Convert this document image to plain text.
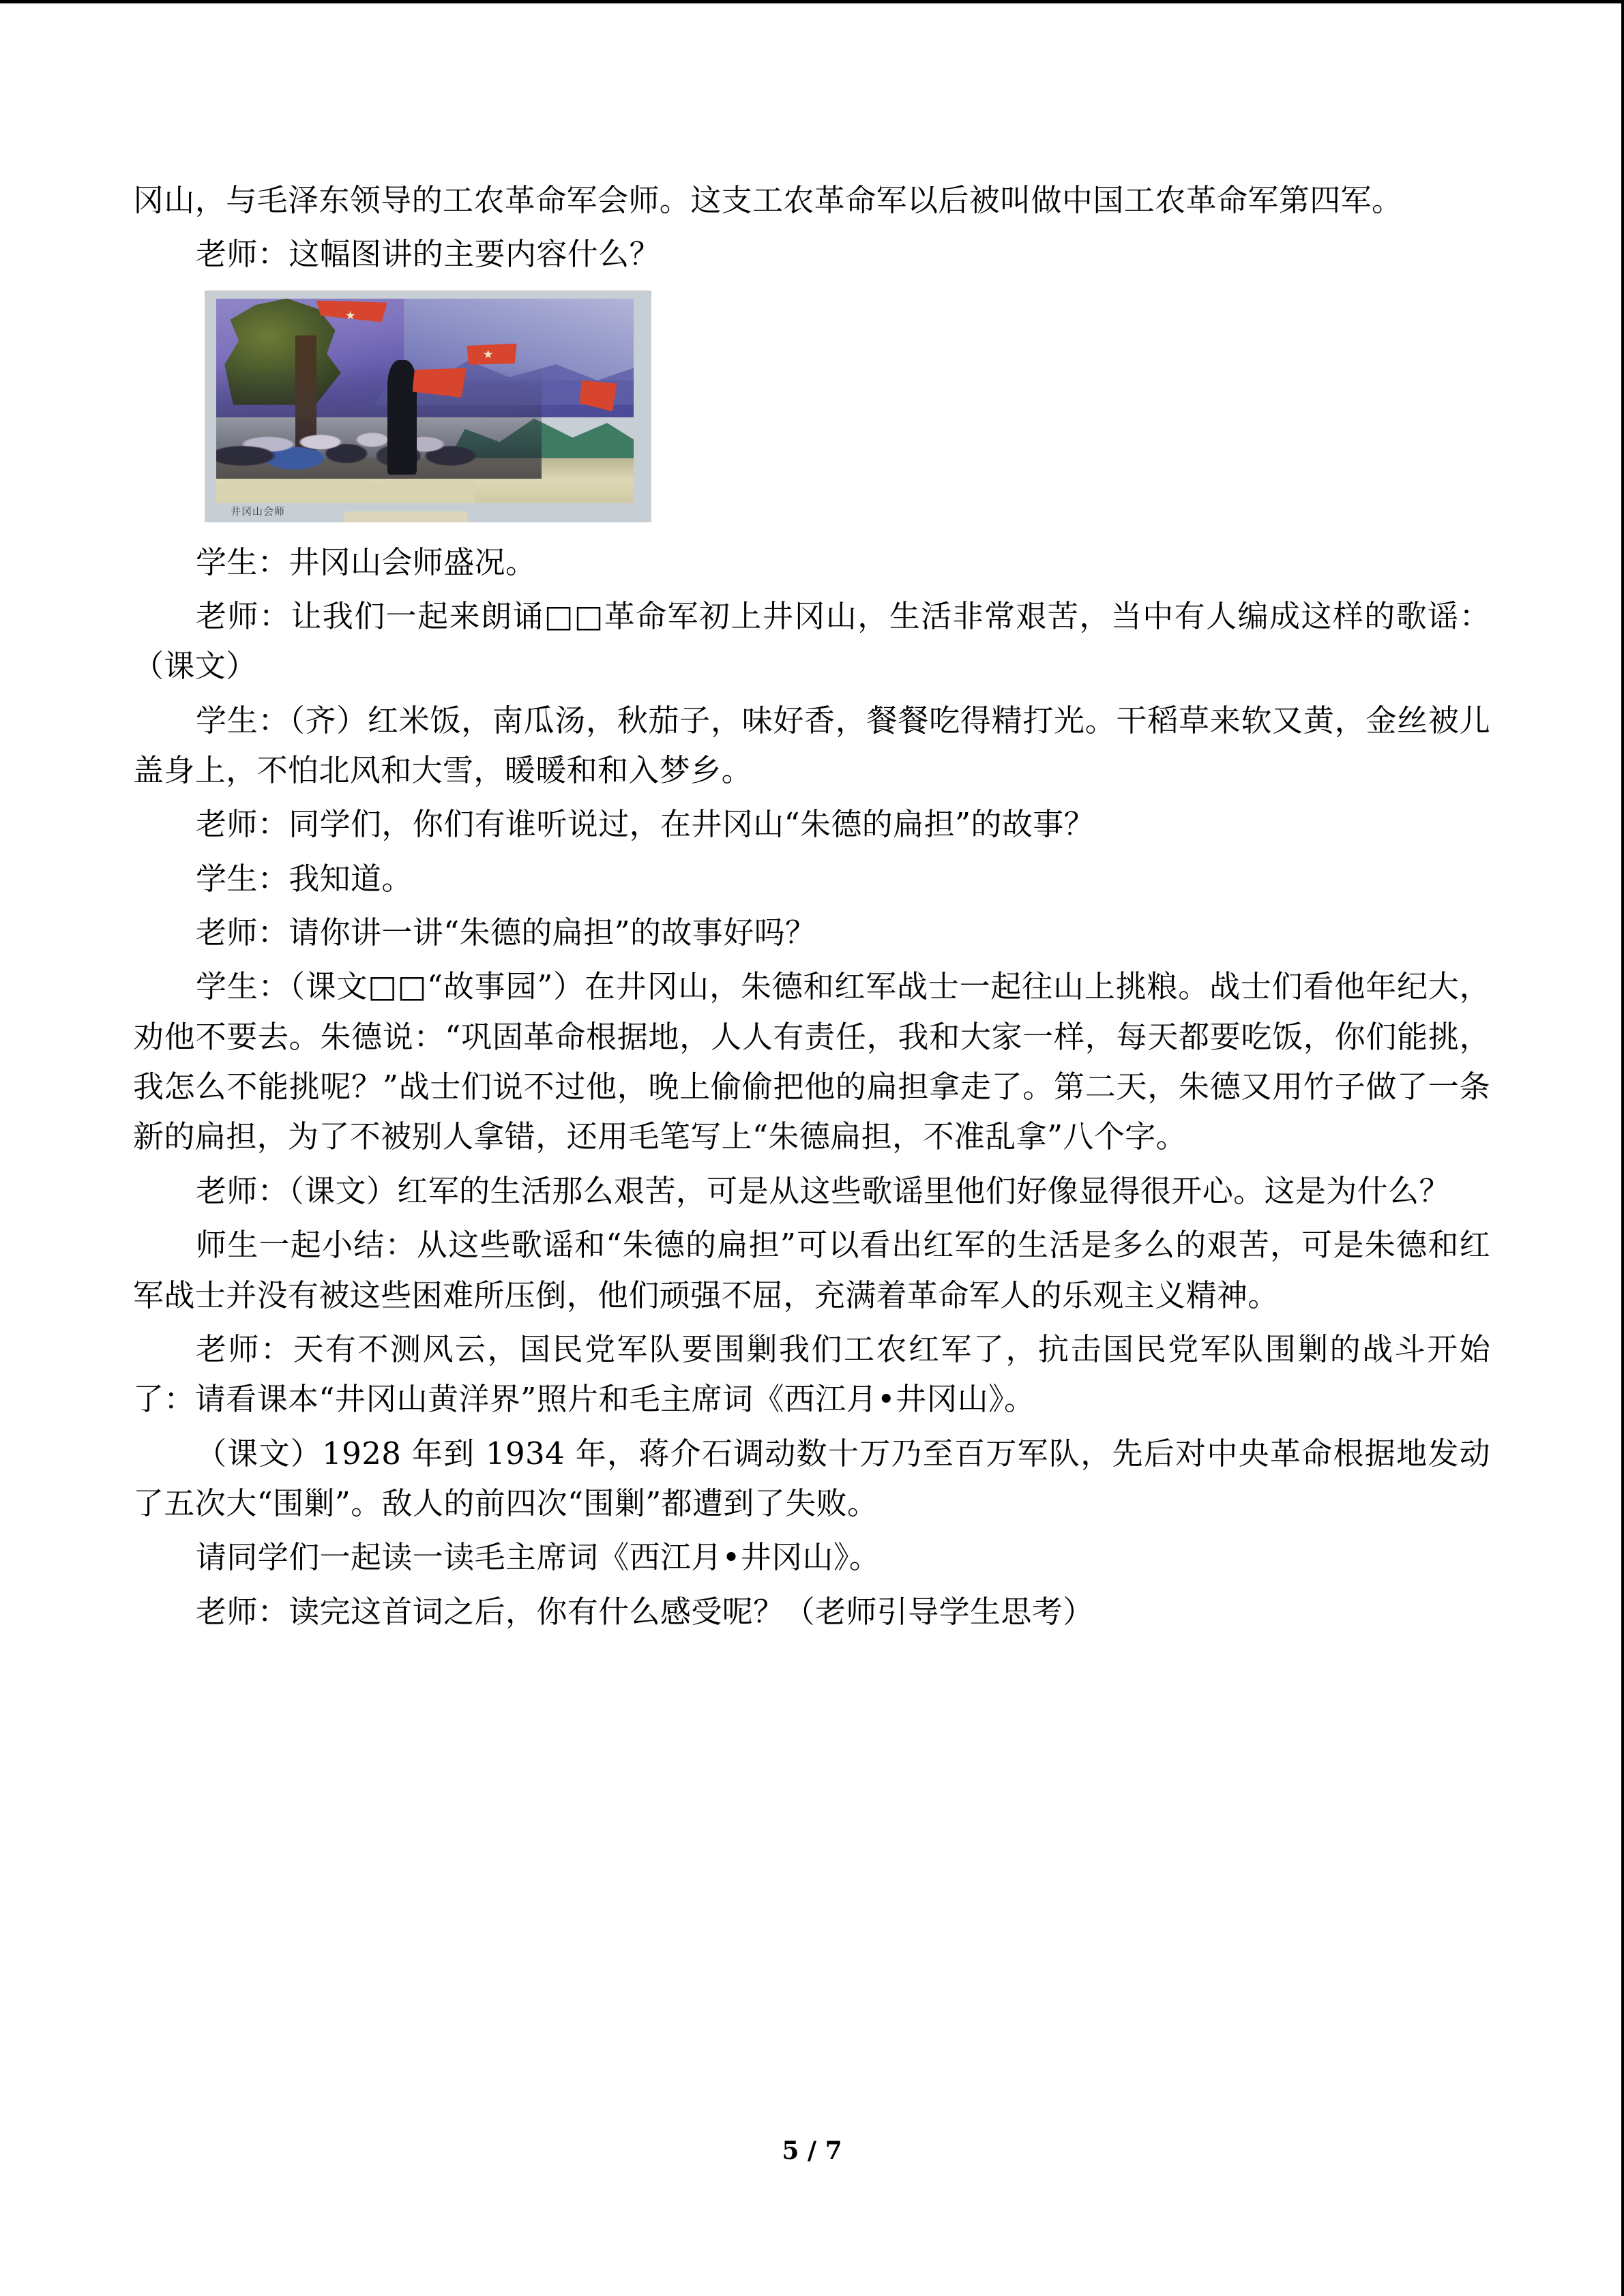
冈山，与毛泽东领导的工农革命军会师。这支工农革命军以后被叫做中国工农革命军第四军。

老师：这幅图讲的主要内容什么？

井冈山会师

学生：井冈山会师盛况。

老师：让我们一起来朗诵□□革命军初上井冈山，生活非常艰苦，当中有人编成这样的歌谣：（课文）

学生：（齐）红米饭，南瓜汤，秋茄子，味好香，餐餐吃得精打光。干稻草来软又黄，金丝被儿盖身上，不怕北风和大雪，暖暖和和入梦乡。

老师：同学们，你们有谁听说过，在井冈山“朱德的扁担”的故事？

学生：我知道。

老师：请你讲一讲“朱德的扁担”的故事好吗？

学生：（课文□□“故事园”）在井冈山，朱德和红军战士一起往山上挑粮。战士们看他年纪大，劝他不要去。朱德说：“巩固革命根据地，人人有责任，我和大家一样，每天都要吃饭，你们能挑，我怎么不能挑呢？”战士们说不过他，晚上偷偷把他的扁担拿走了。第二天，朱德又用竹子做了一条新的扁担，为了不被别人拿错，还用毛笔写上“朱德扁担，不准乱拿”八个字。

老师：（课文）红军的生活那么艰苦，可是从这些歌谣里他们好像显得很开心。这是为什么？

师生一起小结：从这些歌谣和“朱德的扁担”可以看出红军的生活是多么的艰苦，可是朱德和红军战士并没有被这些困难所压倒，他们顽强不屈，充满着革命军人的乐观主义精神。

老师：天有不测风云，国民党军队要围剿我们工农红军了，抗击国民党军队围剿的战斗开始了：请看课本“井冈山黄洋界”照片和毛主席词《西江月•井冈山》。

（课文）1928 年到 1934 年，蒋介石调动数十万乃至百万军队，先后对中央革命根据地发动了五次大“围剿”。敌人的前四次“围剿”都遭到了失败。

请同学们一起读一读毛主席词《西江月•井冈山》。

老师：读完这首词之后，你有什么感受呢？（老师引导学生思考）

5 / 7
